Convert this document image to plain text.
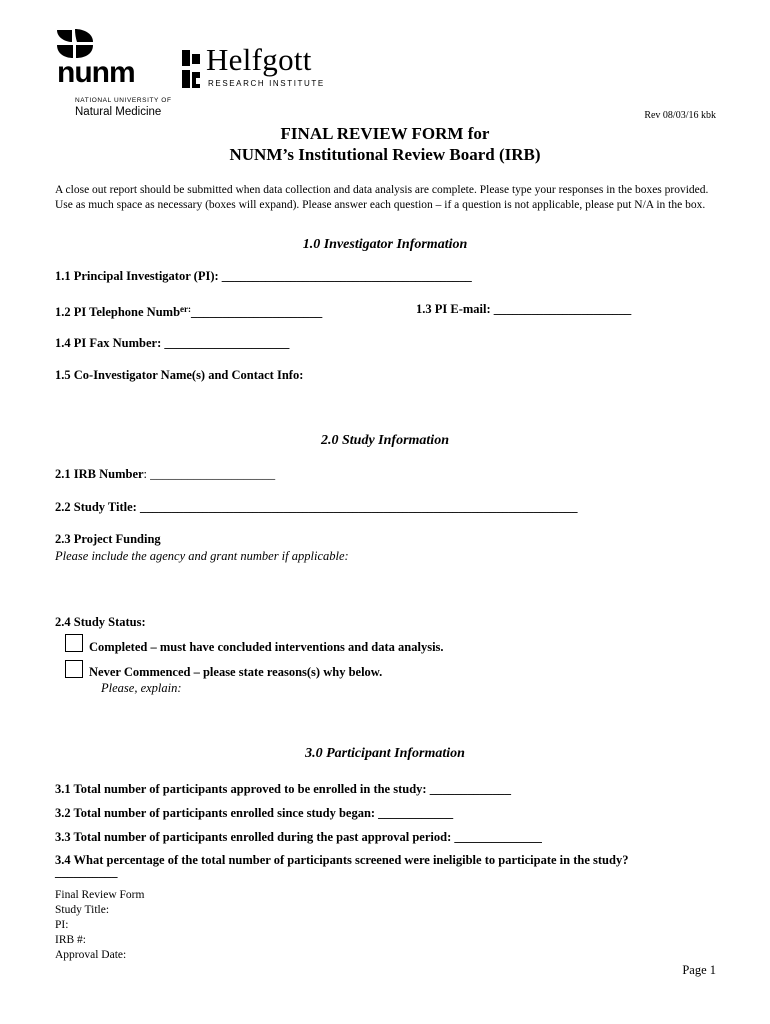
nunm
NATIONAL UNIVERSITY OF
Natural Medicine
Helfgott
RESEARCH INSTITUTE
Rev 08/03/16 kbk
FINAL REVIEW FORM for
NUNM’s Institutional Review Board (IRB)
A close out report should be submitted when data collection and data analysis are complete. Please type your responses in the boxes provided. Use as much space as necessary (boxes will expand). Please answer each question – if a question is not applicable, please put N/A in the box.
1.0 Investigator Information
1.1 Principal Investigator (PI): ________________________________________
1.2 PI Telephone Numb$^{er:}$_____________________	1.3 PI E-mail: ______________________
1.4 PI Fax Number: ____________________
1.5 Co-Investigator Name(s) and Contact Info:
2.0 Study Information
2.1 IRB Number: ____________________
2.2 Study Title: ______________________________________________________________________
2.3 Project Funding
Please include the agency and grant number if applicable:
2.4 Study Status:
Completed – must have concluded interventions and data analysis.
Never Commenced – please state reasons(s) why below.
Please, explain:
3.0 Participant Information
3.1 Total number of participants approved to be enrolled in the study: _____________
3.2 Total number of participants enrolled since study began: ____________
3.3 Total number of participants enrolled during the past approval period: ______________
3.4 What percentage of the total number of participants screened were ineligible to participate in the study?
__________
Final Review Form
Study Title:
PI:
IRB #:
Approval Date:
Page 1
